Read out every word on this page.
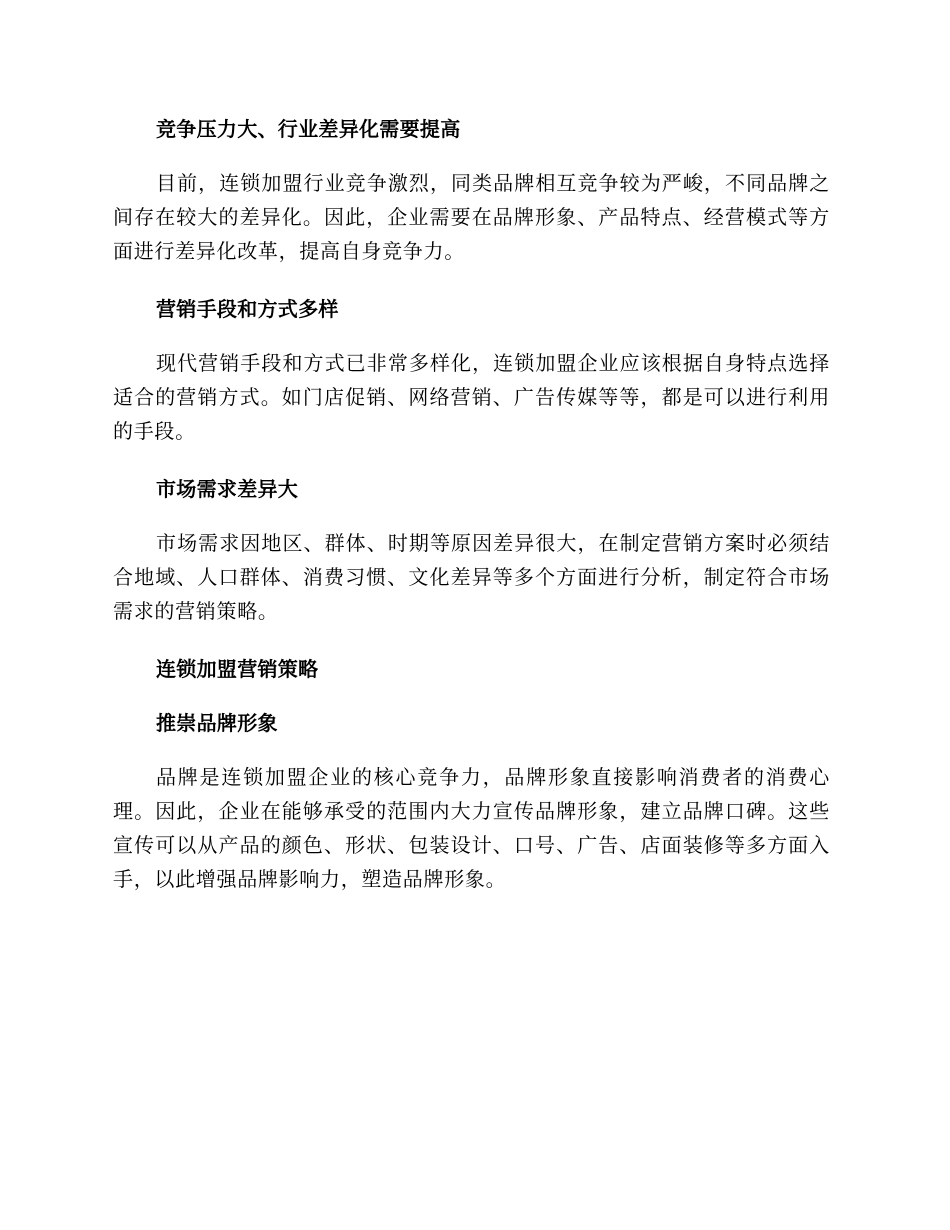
竞争压力大、行业差异化需要提高
目前，连锁加盟行业竞争激烈，同类品牌相互竞争较为严峻，不同品牌之间存在较大的差异化。因此，企业需要在品牌形象、产品特点、经营模式等方面进行差异化改革，提高自身竞争力。
营销手段和方式多样
现代营销手段和方式已非常多样化，连锁加盟企业应该根据自身特点选择适合的营销方式。如门店促销、网络营销、广告传媒等等，都是可以进行利用的手段。
市场需求差异大
市场需求因地区、群体、时期等原因差异很大，在制定营销方案时必须结合地域、人口群体、消费习惯、文化差异等多个方面进行分析，制定符合市场需求的营销策略。
连锁加盟营销策略
推崇品牌形象
品牌是连锁加盟企业的核心竞争力，品牌形象直接影响消费者的消费心理。因此，企业在能够承受的范围内大力宣传品牌形象，建立品牌口碑。这些宣传可以从产品的颜色、形状、包装设计、口号、广告、店面装修等多方面入手，以此增强品牌影响力，塑造品牌形象。
